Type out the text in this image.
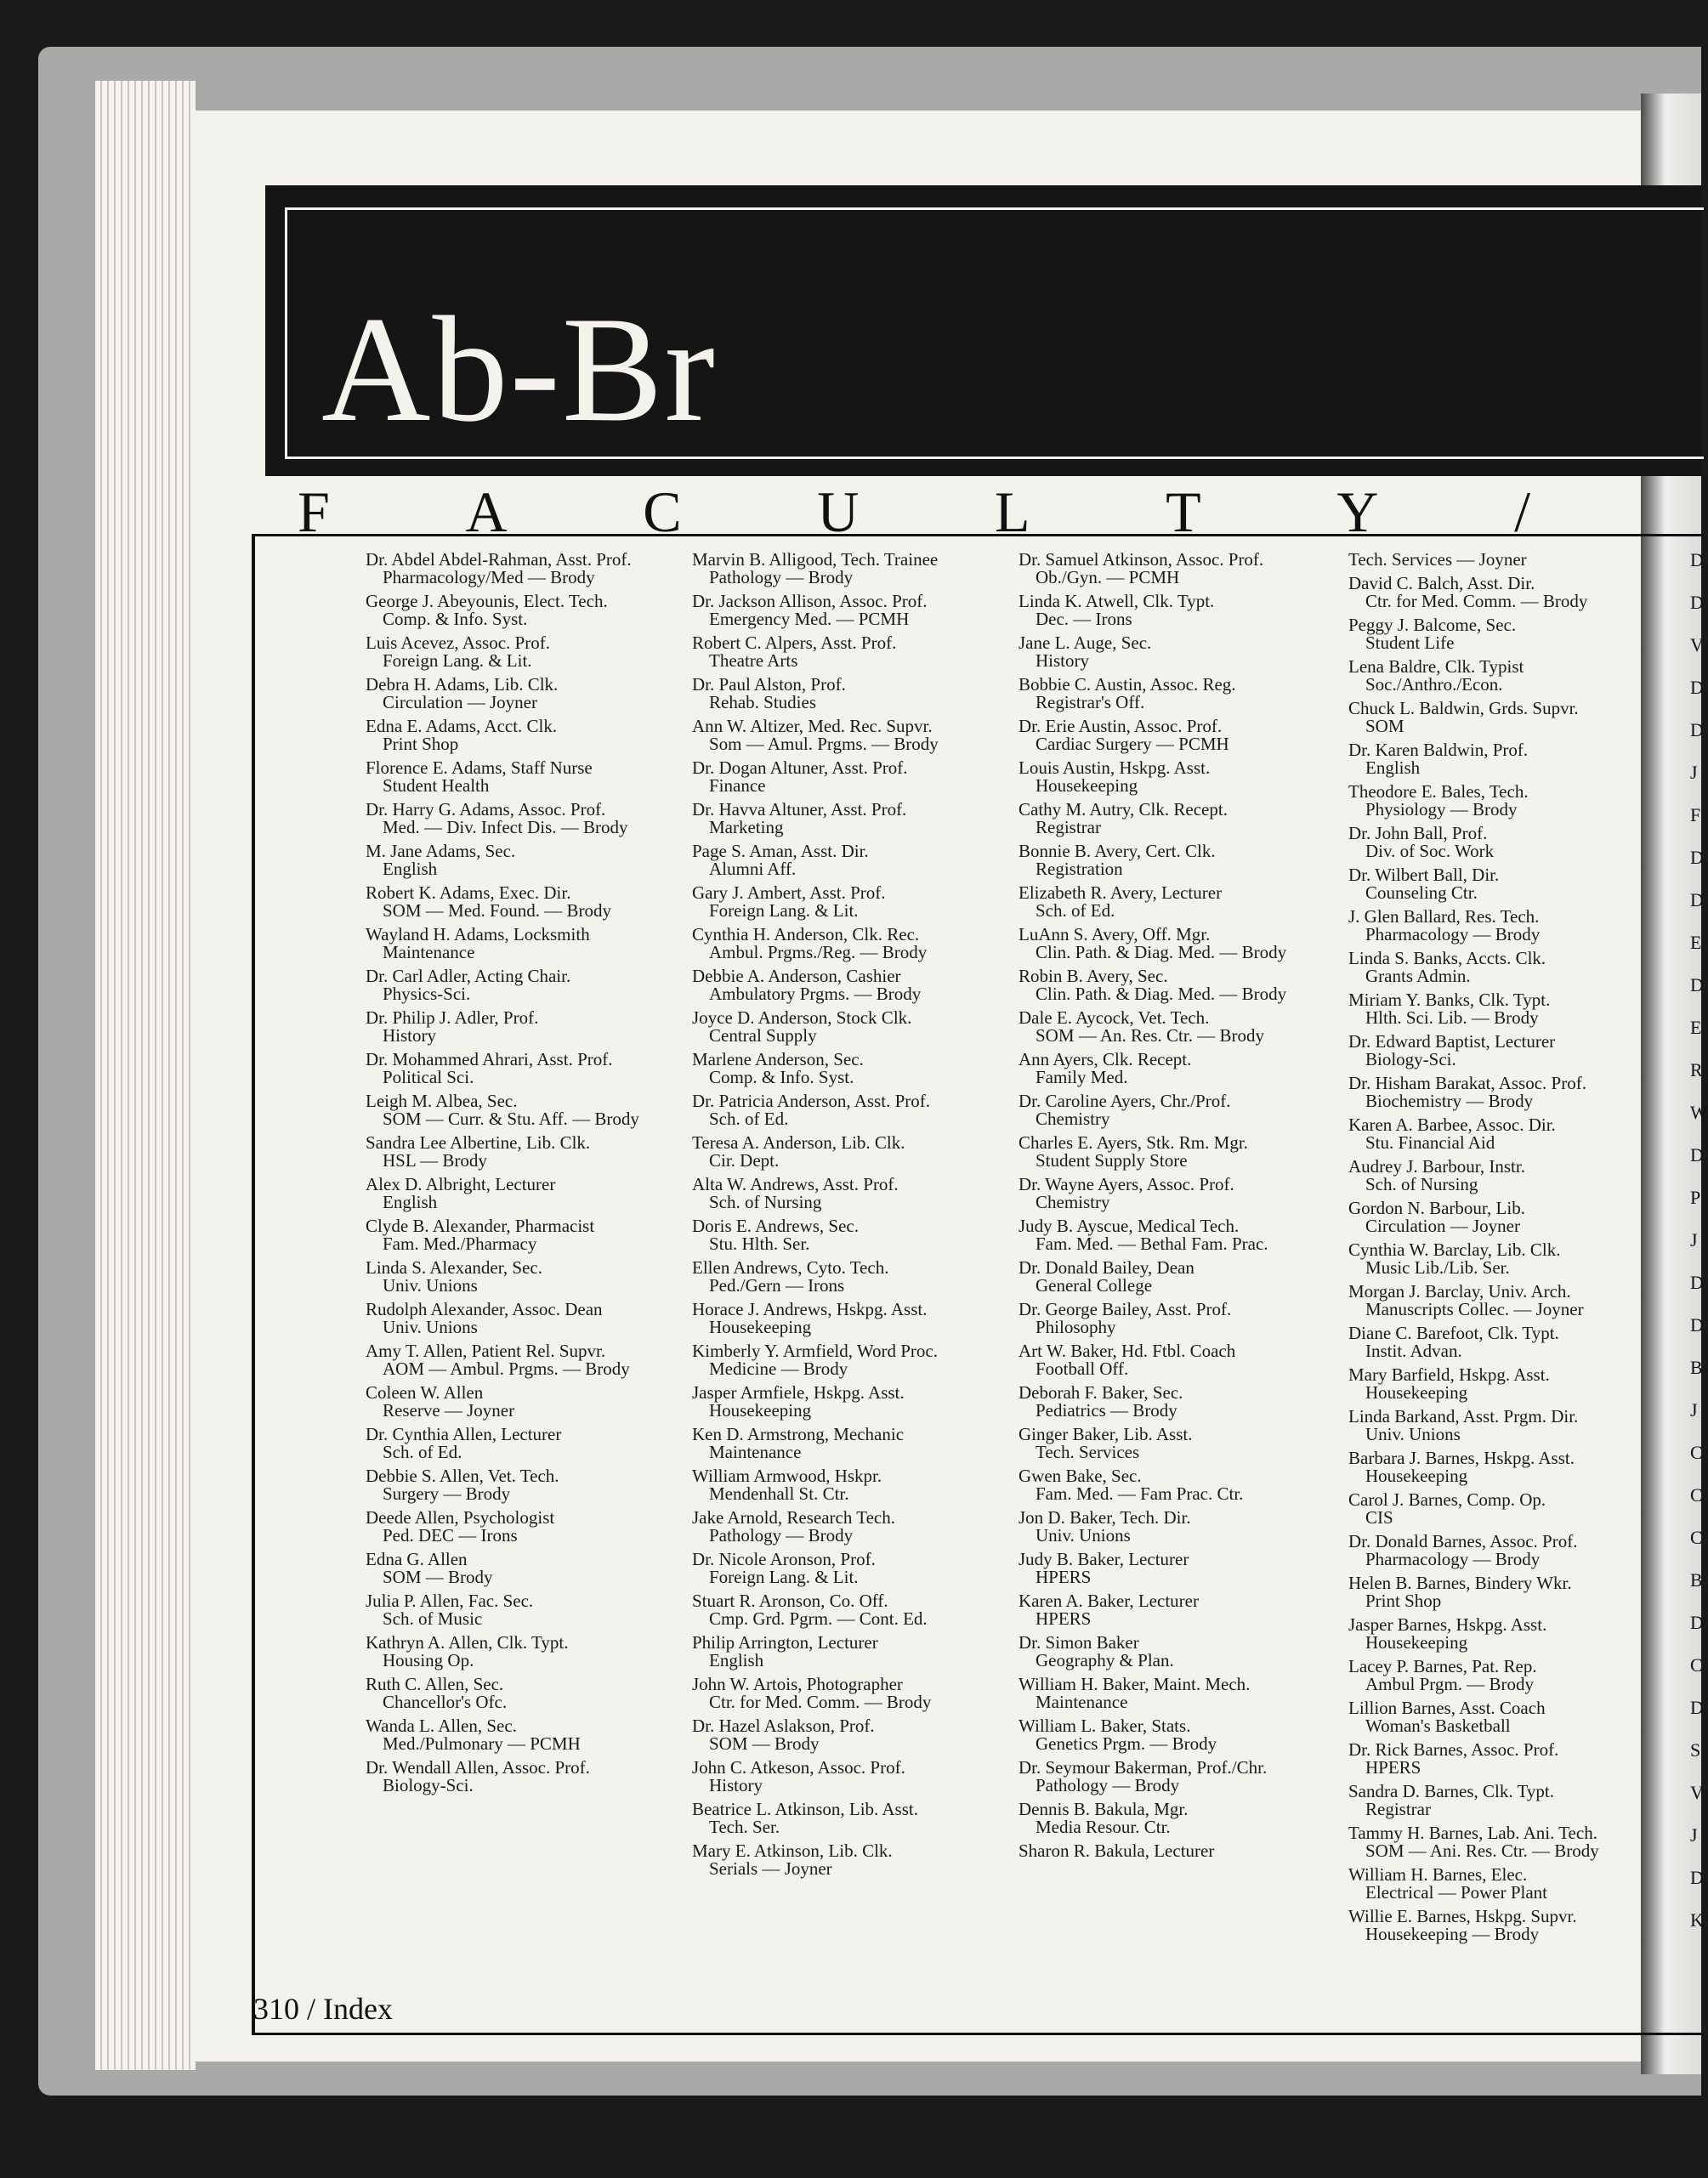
Ab-Br
F A C U L T Y /
Dr. Abdel Abdel-Rahman, Asst. Prof.
Pharmacology/Med — Brody
George J. Abeyounis, Elect. Tech.
Comp. & Info. Syst.
Luis Acevez, Assoc. Prof.
Foreign Lang. & Lit.
Debra H. Adams, Lib. Clk.
Circulation — Joyner
Edna E. Adams, Acct. Clk.
Print Shop
Florence E. Adams, Staff Nurse
Student Health
Dr. Harry G. Adams, Assoc. Prof.
Med. — Div. Infect Dis. — Brody
M. Jane Adams, Sec.
English
Robert K. Adams, Exec. Dir.
SOM — Med. Found. — Brody
Wayland H. Adams, Locksmith
Maintenance
Dr. Carl Adler, Acting Chair.
Physics-Sci.
Dr. Philip J. Adler, Prof.
History
Dr. Mohammed Ahrari, Asst. Prof.
Political Sci.
Leigh M. Albea, Sec.
SOM — Curr. & Stu. Aff. — Brody
Sandra Lee Albertine, Lib. Clk.
HSL — Brody
Alex D. Albright, Lecturer
English
Clyde B. Alexander, Pharmacist
Fam. Med./Pharmacy
Linda S. Alexander, Sec.
Univ. Unions
Rudolph Alexander, Assoc. Dean
Univ. Unions
Amy T. Allen, Patient Rel. Supvr.
AOM — Ambul. Prgms. — Brody
Coleen W. Allen
Reserve — Joyner
Dr. Cynthia Allen, Lecturer
Sch. of Ed.
Debbie S. Allen, Vet. Tech.
Surgery — Brody
Deede Allen, Psychologist
Ped. DEC — Irons
Edna G. Allen
SOM — Brody
Julia P. Allen, Fac. Sec.
Sch. of Music
Kathryn A. Allen, Clk. Typt.
Housing Op.
Ruth C. Allen, Sec.
Chancellor's Ofc.
Wanda L. Allen, Sec.
Med./Pulmonary — PCMH
Dr. Wendall Allen, Assoc. Prof.
Biology-Sci.
Marvin B. Alligood, Tech. Trainee
Pathology — Brody
Dr. Jackson Allison, Assoc. Prof.
Emergency Med. — PCMH
Robert C. Alpers, Asst. Prof.
Theatre Arts
Dr. Paul Alston, Prof.
Rehab. Studies
Ann W. Altizer, Med. Rec. Supvr.
Som — Amul. Prgms. — Brody
Dr. Dogan Altuner, Asst. Prof.
Finance
Dr. Havva Altuner, Asst. Prof.
Marketing
Page S. Aman, Asst. Dir.
Alumni Aff.
Gary J. Ambert, Asst. Prof.
Foreign Lang. & Lit.
Cynthia H. Anderson, Clk. Rec.
Ambul. Prgms./Reg. — Brody
Debbie A. Anderson, Cashier
Ambulatory Prgms. — Brody
Joyce D. Anderson, Stock Clk.
Central Supply
Marlene Anderson, Sec.
Comp. & Info. Syst.
Dr. Patricia Anderson, Asst. Prof.
Sch. of Ed.
Teresa A. Anderson, Lib. Clk.
Cir. Dept.
Alta W. Andrews, Asst. Prof.
Sch. of Nursing
Doris E. Andrews, Sec.
Stu. Hlth. Ser.
Ellen Andrews, Cyto. Tech.
Ped./Gern — Irons
Horace J. Andrews, Hskpg. Asst.
Housekeeping
Kimberly Y. Armfield, Word Proc.
Medicine — Brody
Jasper Armfiele, Hskpg. Asst.
Housekeeping
Ken D. Armstrong, Mechanic
Maintenance
William Armwood, Hskpr.
Mendenhall St. Ctr.
Jake Arnold, Research Tech.
Pathology — Brody
Dr. Nicole Aronson, Prof.
Foreign Lang. & Lit.
Stuart R. Aronson, Co. Off.
Cmp. Grd. Pgrm. — Cont. Ed.
Philip Arrington, Lecturer
English
John W. Artois, Photographer
Ctr. for Med. Comm. — Brody
Dr. Hazel Aslakson, Prof.
SOM — Brody
John C. Atkeson, Assoc. Prof.
History
Beatrice L. Atkinson, Lib. Asst.
Tech. Ser.
Mary E. Atkinson, Lib. Clk.
Serials — Joyner
Dr. Samuel Atkinson, Assoc. Prof.
Ob./Gyn. — PCMH
Linda K. Atwell, Clk. Typt.
Dec. — Irons
Jane L. Auge, Sec.
History
Bobbie C. Austin, Assoc. Reg.
Registrar's Off.
Dr. Erie Austin, Assoc. Prof.
Cardiac Surgery — PCMH
Louis Austin, Hskpg. Asst.
Housekeeping
Cathy M. Autry, Clk. Recept.
Registrar
Bonnie B. Avery, Cert. Clk.
Registration
Elizabeth R. Avery, Lecturer
Sch. of Ed.
LuAnn S. Avery, Off. Mgr.
Clin. Path. & Diag. Med. — Brody
Robin B. Avery, Sec.
Clin. Path. & Diag. Med. — Brody
Dale E. Aycock, Vet. Tech.
SOM — An. Res. Ctr. — Brody
Ann Ayers, Clk. Recept.
Family Med.
Dr. Caroline Ayers, Chr./Prof.
Chemistry
Charles E. Ayers, Stk. Rm. Mgr.
Student Supply Store
Dr. Wayne Ayers, Assoc. Prof.
Chemistry
Judy B. Ayscue, Medical Tech.
Fam. Med. — Bethal Fam. Prac.
Dr. Donald Bailey, Dean
General College
Dr. George Bailey, Asst. Prof.
Philosophy
Art W. Baker, Hd. Ftbl. Coach
Football Off.
Deborah F. Baker, Sec.
Pediatrics — Brody
Ginger Baker, Lib. Asst.
Tech. Services
Gwen Bake, Sec.
Fam. Med. — Fam Prac. Ctr.
Jon D. Baker, Tech. Dir.
Univ. Unions
Judy B. Baker, Lecturer
HPERS
Karen A. Baker, Lecturer
HPERS
Dr. Simon Baker
Geography & Plan.
William H. Baker, Maint. Mech.
Maintenance
William L. Baker, Stats.
Genetics Prgm. — Brody
Dr. Seymour Bakerman, Prof./Chr.
Pathology — Brody
Dennis B. Bakula, Mgr.
Media Resour. Ctr.
Sharon R. Bakula, Lecturer
Tech. Services — Joyner
David C. Balch, Asst. Dir.
Ctr. for Med. Comm. — Brody
Peggy J. Balcome, Sec.
Student Life
Lena Baldre, Clk. Typist
Soc./Anthro./Econ.
Chuck L. Baldwin, Grds. Supvr.
SOM
Dr. Karen Baldwin, Prof.
English
Theodore E. Bales, Tech.
Physiology — Brody
Dr. John Ball, Prof.
Div. of Soc. Work
Dr. Wilbert Ball, Dir.
Counseling Ctr.
J. Glen Ballard, Res. Tech.
Pharmacology — Brody
Linda S. Banks, Accts. Clk.
Grants Admin.
Miriam Y. Banks, Clk. Typt.
Hlth. Sci. Lib. — Brody
Dr. Edward Baptist, Lecturer
Biology-Sci.
Dr. Hisham Barakat, Assoc. Prof.
Biochemistry — Brody
Karen A. Barbee, Assoc. Dir.
Stu. Financial Aid
Audrey J. Barbour, Instr.
Sch. of Nursing
Gordon N. Barbour, Lib.
Circulation — Joyner
Cynthia W. Barclay, Lib. Clk.
Music Lib./Lib. Ser.
Morgan J. Barclay, Univ. Arch.
Manuscripts Collec. — Joyner
Diane C. Barefoot, Clk. Typt.
Instit. Advan.
Mary Barfield, Hskpg. Asst.
Housekeeping
Linda Barkand, Asst. Prgm. Dir.
Univ. Unions
Barbara J. Barnes, Hskpg. Asst.
Housekeeping
Carol J. Barnes, Comp. Op.
CIS
Dr. Donald Barnes, Assoc. Prof.
Pharmacology — Brody
Helen B. Barnes, Bindery Wkr.
Print Shop
Jasper Barnes, Hskpg. Asst.
Housekeeping
Lacey P. Barnes, Pat. Rep.
Ambul Prgm. — Brody
Lillion Barnes, Asst. Coach
Woman's Basketball
Dr. Rick Barnes, Assoc. Prof.
HPERS
Sandra D. Barnes, Clk. Typt.
Registrar
Tammy H. Barnes, Lab. Ani. Tech.
SOM — Ani. Res. Ctr. — Brody
William H. Barnes, Elec.
Electrical — Power Plant
Willie E. Barnes, Hskpg. Supvr.
Housekeeping — Brody
D
D
V
D
D
J
F
D
D
E
D
E
R
W
D
P
J
D
D
B
J
C
C
C
B
D
C
D
S
V
J
D
K
310 / Index
